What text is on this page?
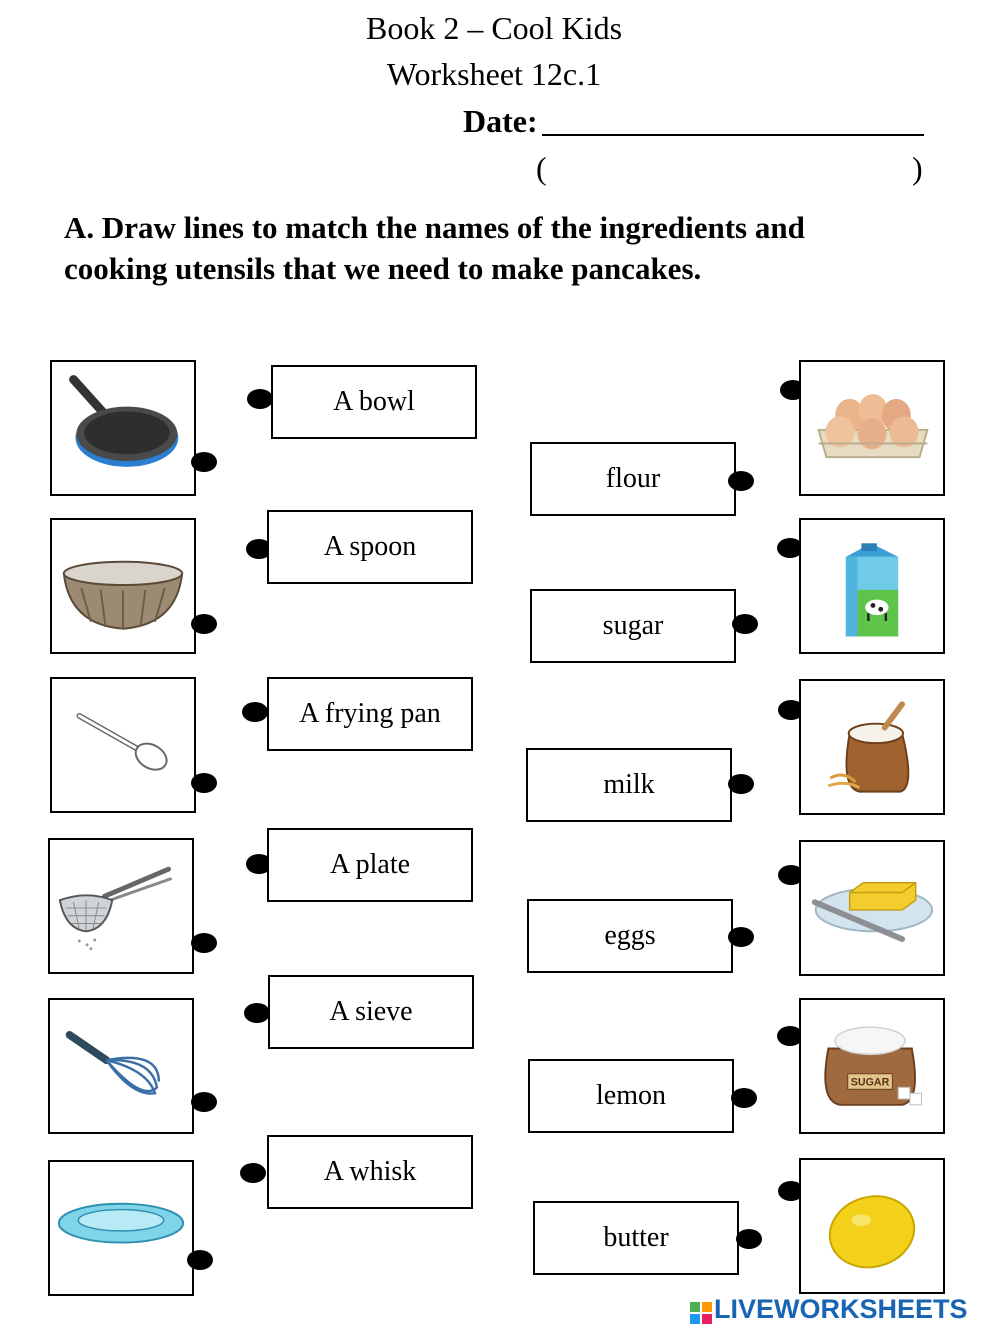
Book 2 – Cool Kids
Worksheet 12c.1
Date:
(	)
A. Draw lines to match the names of the ingredients and
cooking utensils that we need to make pancakes.
A bowl
A spoon
A frying pan
A plate
A sieve
A whisk
flour
sugar
milk
eggs
lemon
butter
SUGAR
LIVEWORKSHEETS
